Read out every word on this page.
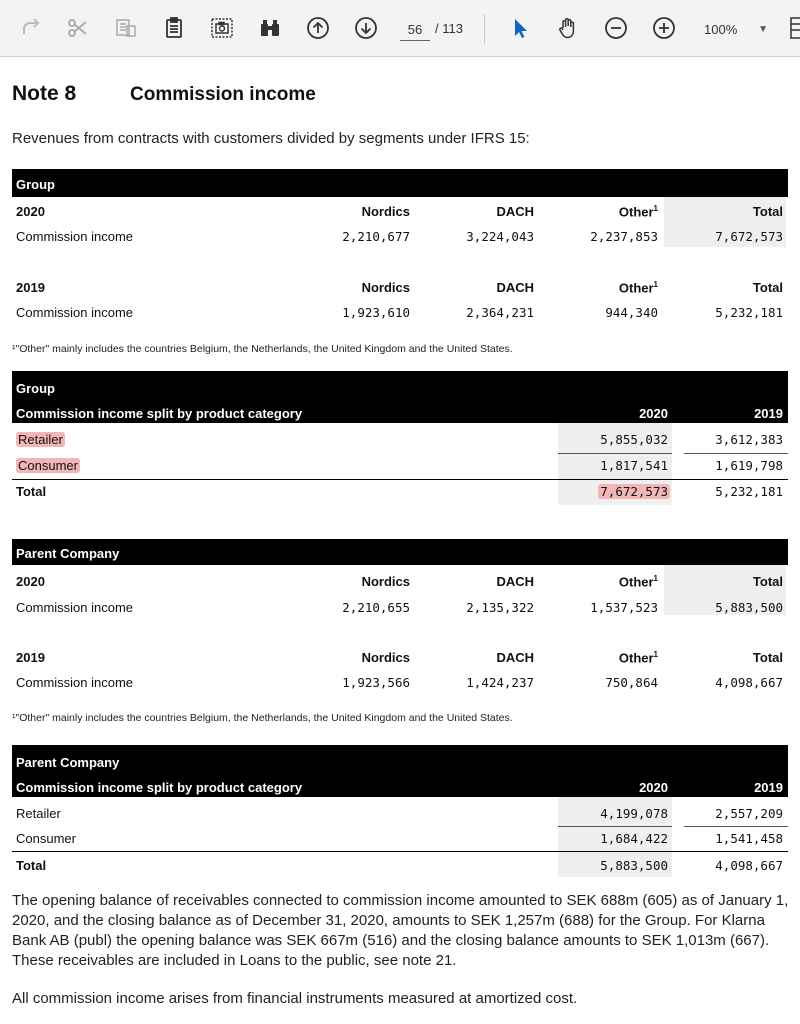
56
/ 113	100% ▼
Note 8	Commission income
Revenues from contracts with customers divided by segments under IFRS 15:
Group
2020	Nordics	DACH	Other$^1$	Total
Commission income	2,210,677	3,224,043	2,237,853	7,672,573
2019	Nordics	DACH	Other$^1$	Total
Commission income	1,923,610	2,364,231	944,340	5,232,181
¹"Other" mainly includes the countries Belgium, the Netherlands, the United Kingdom and the United States.
Group
Commission income split by product category	2020	2019
Retailer	5,855,032	3,612,383
Consumer	1,817,541	1,619,798
Total	7,672,573	5,232,181
Parent Company
2020	Nordics	DACH	Other$^1$	Total
Commission income	2,210,655	2,135,322	1,537,523	5,883,500
2019	Nordics	DACH	Other$^1$	Total
Commission income	1,923,566	1,424,237	750,864	4,098,667
¹"Other" mainly includes the countries Belgium, the Netherlands, the United Kingdom and the United States.
Parent Company
Commission income split by product category	2020	2019
Retailer	4,199,078	2,557,209
Consumer	1,684,422	1,541,458
Total	5,883,500	4,098,667
The opening balance of receivables connected to commission income amounted to SEK 688m (605) as of January 1, 2020, and the closing balance as of December 31, 2020, amounts to SEK 1,257m (688) for the Group. For Klarna Bank AB (publ) the opening balance was SEK 667m (516) and the closing balance amounts to SEK 1,013m (667). These receivables are included in Loans to the public, see note 21.
All commission income arises from financial instruments measured at amortized cost.
